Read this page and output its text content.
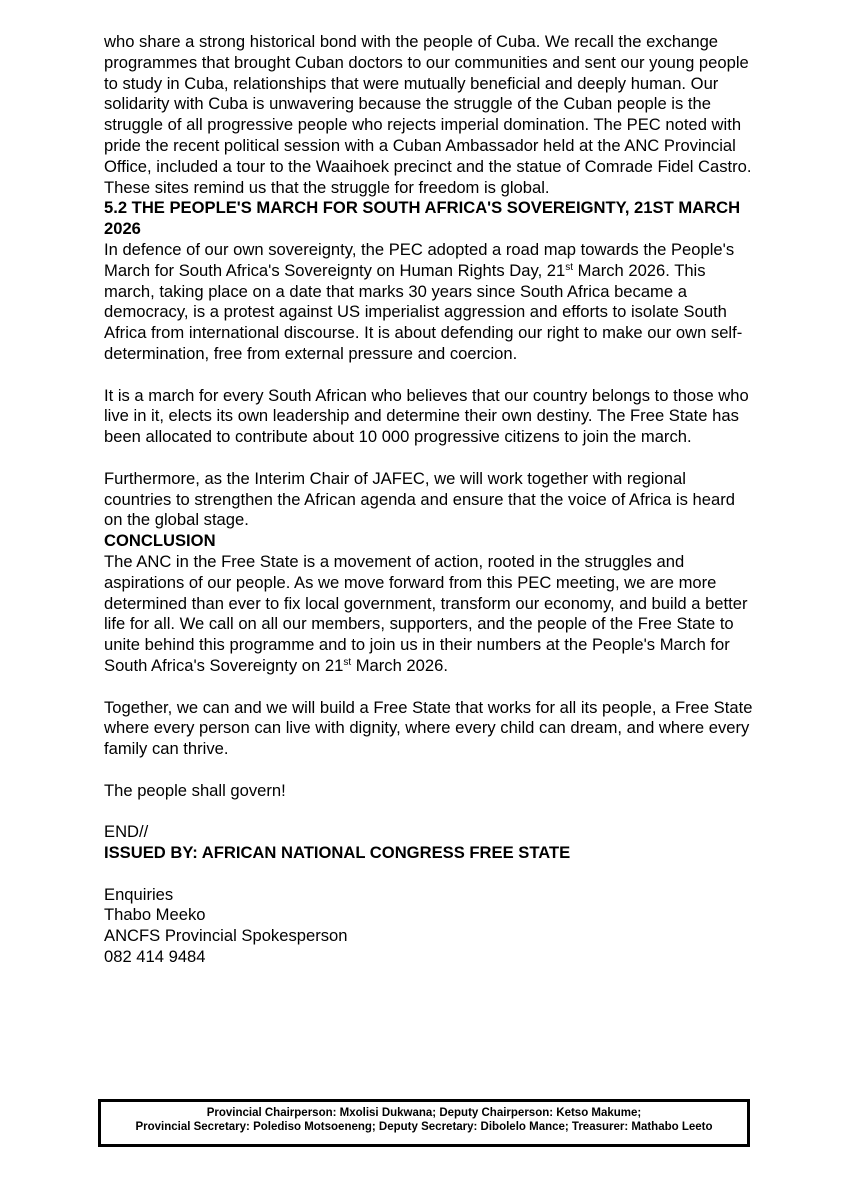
who share a strong historical bond with the people of Cuba. We recall the exchange programmes that brought Cuban doctors to our communities and sent our young people to study in Cuba, relationships that were mutually beneficial and deeply human. Our solidarity with Cuba is unwavering because the struggle of the Cuban people is the struggle of all progressive people who rejects imperial domination. The PEC noted with pride the recent political session with a Cuban Ambassador held at the ANC Provincial Office, included a tour to the Waaihoek precinct and the statue of Comrade Fidel Castro. These sites remind us that the struggle for freedom is global.

5.2 THE PEOPLE'S MARCH FOR SOUTH AFRICA'S SOVEREIGNTY, 21ST MARCH 2026

In defence of our own sovereignty, the PEC adopted a road map towards the People's March for South Africa's Sovereignty on Human Rights Day, 21st March 2026. This march, taking place on a date that marks 30 years since South Africa became a democracy, is a protest against US imperialist aggression and efforts to isolate South Africa from international discourse. It is about defending our right to make our own self-determination, free from external pressure and coercion.

It is a march for every South African who believes that our country belongs to those who live in it, elects its own leadership and determine their own destiny. The Free State has been allocated to contribute about 10 000 progressive citizens to join the march.

Furthermore, as the Interim Chair of JAFEC, we will work together with regional countries to strengthen the African agenda and ensure that the voice of Africa is heard on the global stage.

CONCLUSION

The ANC in the Free State is a movement of action, rooted in the struggles and aspirations of our people. As we move forward from this PEC meeting, we are more determined than ever to fix local government, transform our economy, and build a better life for all. We call on all our members, supporters, and the people of the Free State to unite behind this programme and to join us in their numbers at the People's March for South Africa's Sovereignty on 21st March 2026.

Together, we can and we will build a Free State that works for all its people, a Free State where every person can live with dignity, where every child can dream, and where every family can thrive.

The people shall govern!

END//

ISSUED BY: AFRICAN NATIONAL CONGRESS FREE STATE

Enquiries

Thabo Meeko

ANCFS Provincial Spokesperson

082 414 9484

Provincial Chairperson: Mxolisi Dukwana; Deputy Chairperson: Ketso Makume;
Provincial Secretary: Polediso Motsoeneng; Deputy Secretary: Dibolelo Mance; Treasurer: Mathabo Leeto
